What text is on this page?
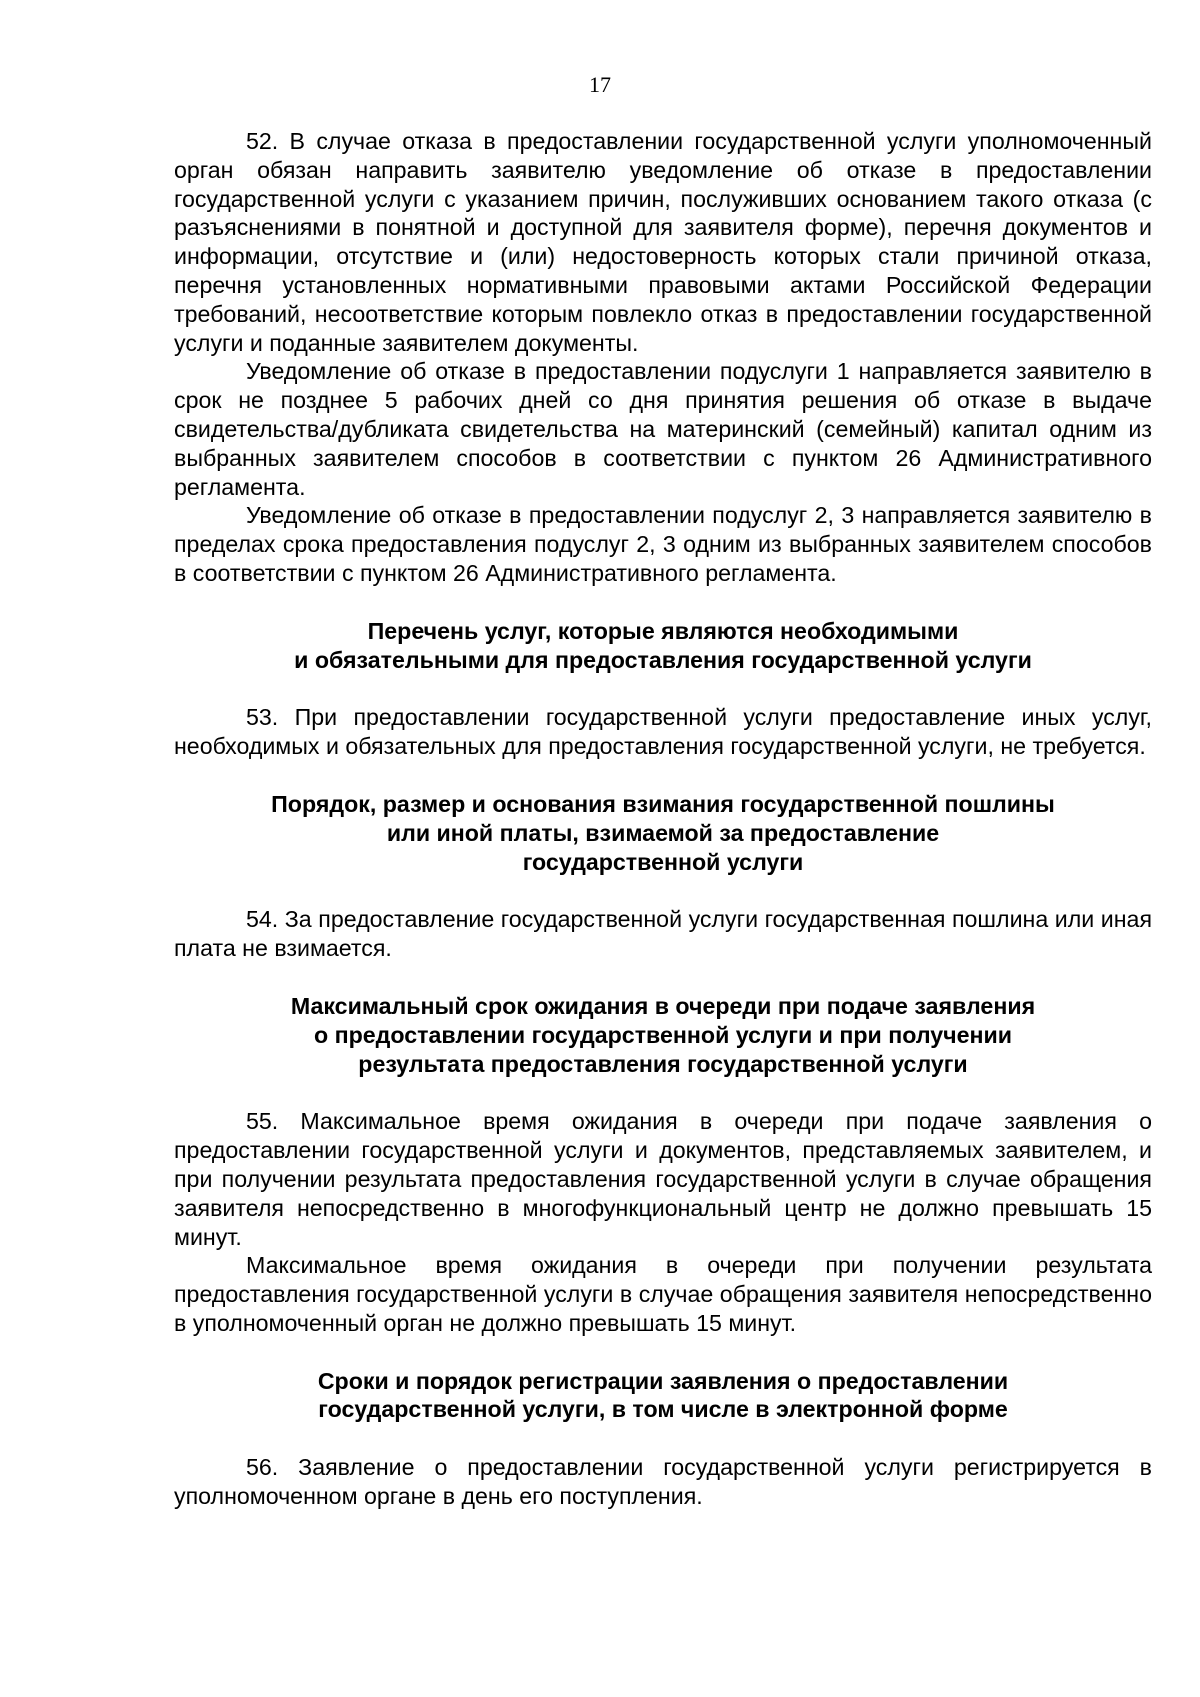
17

52. В случае отказа в предоставлении государственной услуги уполномоченный орган обязан направить заявителю уведомление об отказе в предоставлении государственной услуги с указанием причин, послуживших основанием такого отказа (с разъяснениями в понятной и доступной для заявителя форме), перечня документов и информации, отсутствие и (или) недостоверность которых стали причиной отказа, перечня установленных нормативными правовыми актами Российской Федерации требований, несоответствие которым повлекло отказ в предоставлении государственной услуги и поданные заявителем документы.

Уведомление об отказе в предоставлении подуслуги 1 направляется заявителю в срок не позднее 5 рабочих дней со дня принятия решения об отказе в выдаче свидетельства/дубликата свидетельства на материнский (семейный) капитал одним из выбранных заявителем способов в соответствии с пунктом 26 Административного регламента.

Уведомление об отказе в предоставлении подуслуг 2, 3 направляется заявителю в пределах срока предоставления подуслуг 2, 3 одним из выбранных заявителем способов в соответствии с пунктом 26 Административного регламента.

Перечень услуг, которые являются необходимыми
и обязательными для предоставления государственной услуги

53. При предоставлении государственной услуги предоставление иных услуг, необходимых и обязательных для предоставления государственной услуги, не требуется.

Порядок, размер и основания взимания государственной пошлины
или иной платы, взимаемой за предоставление
государственной услуги

54. За предоставление государственной услуги государственная пошлина или иная плата не взимается.

Максимальный срок ожидания в очереди при подаче заявления
о предоставлении государственной услуги и при получении
результата предоставления государственной услуги

55. Максимальное время ожидания в очереди при подаче заявления о предоставлении государственной услуги и документов, представляемых заявителем, и при получении результата предоставления государственной услуги в случае обращения заявителя непосредственно в многофункциональный центр не должно превышать 15 минут.

Максимальное время ожидания в очереди при получении результата предоставления государственной услуги в случае обращения заявителя непосредственно в уполномоченный орган не должно превышать 15 минут.

Сроки и порядок регистрации заявления о предоставлении
государственной услуги, в том числе в электронной форме

56. Заявление о предоставлении государственной услуги регистрируется в уполномоченном органе в день его поступления.
